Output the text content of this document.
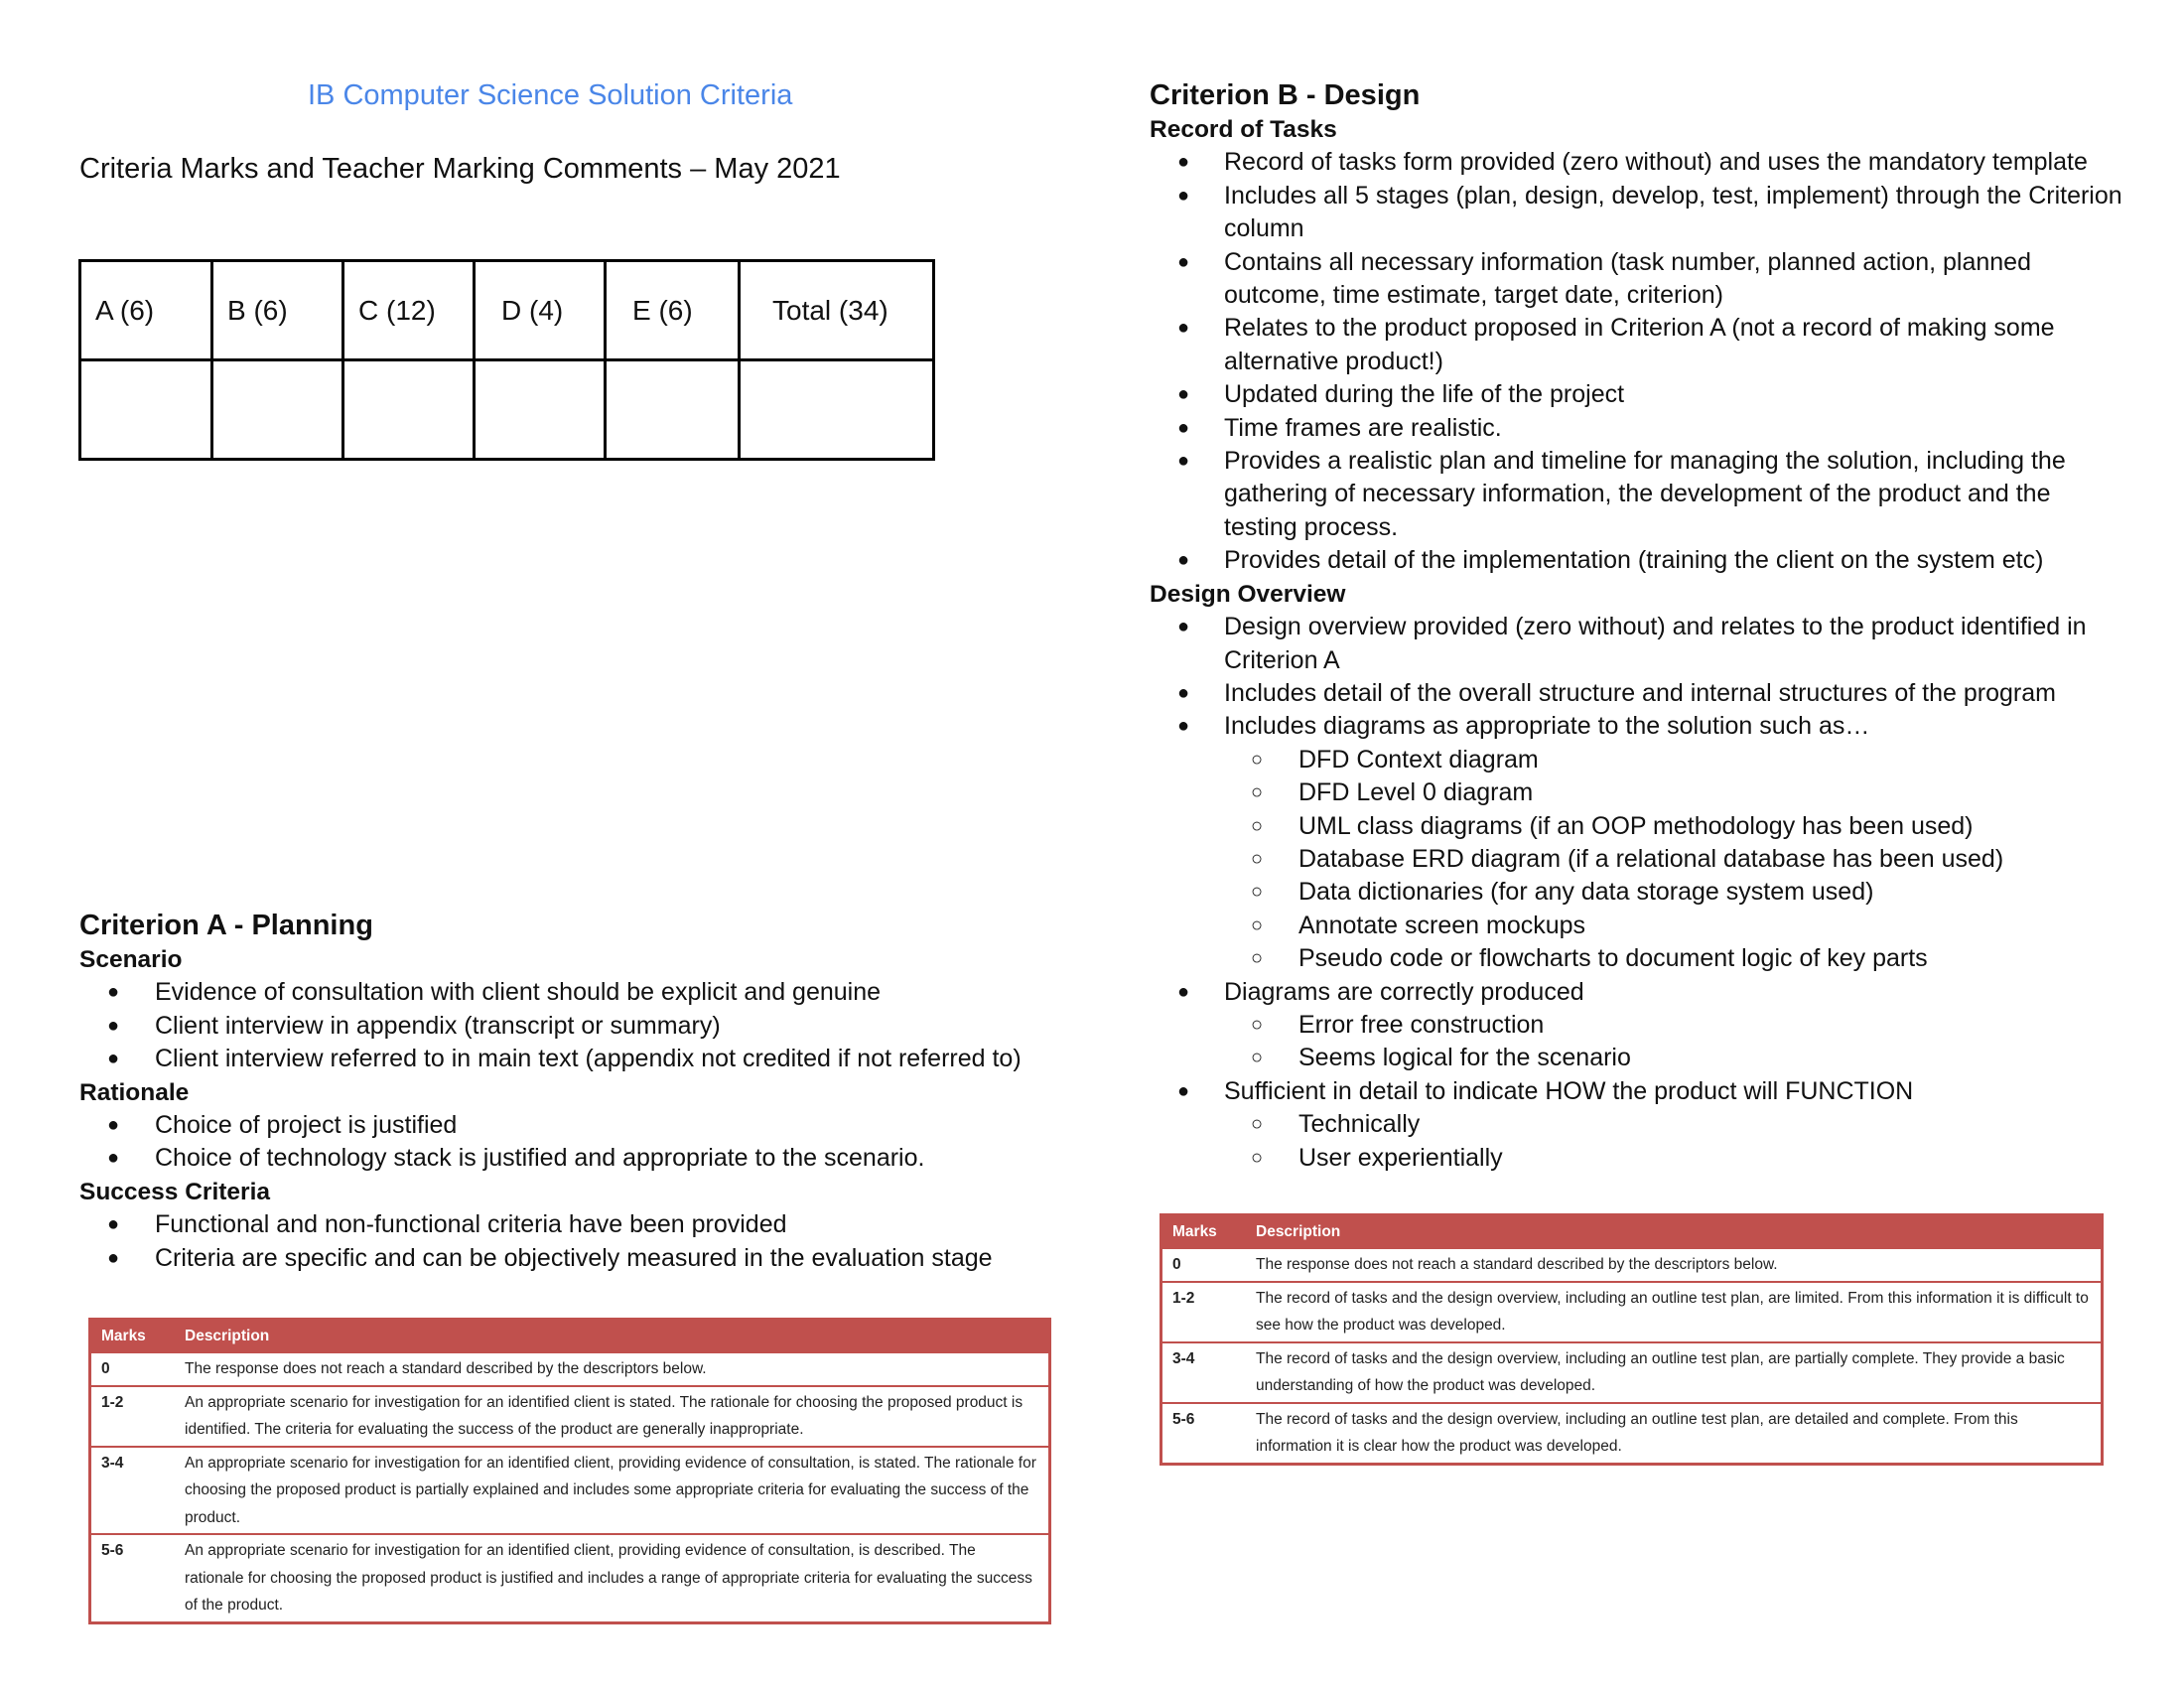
IB Computer Science Solution Criteria
Criteria Marks and Teacher Marking Comments – May 2021
A (6)	B (6)	C (12)	D (4)	E (6)	Total (34)

Criterion A - Planning
Scenario
● Evidence of consultation with client should be explicit and genuine
● Client interview in appendix (transcript or summary)
● Client interview referred to in main text (appendix not credited if not referred to)
Rationale
● Choice of project is justified
● Choice of technology stack is justified and appropriate to the scenario.
Success Criteria
● Functional and non-functional criteria have been provided
● Criteria are specific and can be objectively measured in the evaluation stage
Marks	Description
0	The response does not reach a standard described by the descriptors below.
1-2	An appropriate scenario for investigation for an identified client is stated. The rationale for choosing the proposed product is identified. The criteria for evaluating the success of the product are generally inappropriate.
3-4	An appropriate scenario for investigation for an identified client, providing evidence of consultation, is stated. The rationale for choosing the proposed product is partially explained and includes some appropriate criteria for evaluating the success of the product.
5-6	An appropriate scenario for investigation for an identified client, providing evidence of consultation, is described. The rationale for choosing the proposed product is justified and includes a range of appropriate criteria for evaluating the success of the product.
Criterion B - Design
Record of Tasks
● Record of tasks form provided (zero without) and uses the mandatory template
● Includes all 5 stages (plan, design, develop, test, implement) through the Criterion column
● Contains all necessary information (task number, planned action, planned outcome, time estimate, target date, criterion)
● Relates to the product proposed in Criterion A (not a record of making some alternative product!)
● Updated during the life of the project
● Time frames are realistic.
● Provides a realistic plan and timeline for managing the solution, including the gathering of necessary information, the development of the product and the testing process.
● Provides detail of the implementation (training the client on the system etc)
Design Overview
● Design overview provided (zero without) and relates to the product identified in Criterion A
● Includes detail of the overall structure and internal structures of the program
● Includes diagrams as appropriate to the solution such as…
○ DFD Context diagram
○ DFD Level 0 diagram
○ UML class diagrams (if an OOP methodology has been used)
○ Database ERD diagram (if a relational database has been used)
○ Data dictionaries (for any data storage system used)
○ Annotate screen mockups
○ Pseudo code or flowcharts to document logic of key parts
● Diagrams are correctly produced
○ Error free construction
○ Seems logical for the scenario
● Sufficient in detail to indicate HOW the product will FUNCTION
○ Technically
○ User experientially
Marks	Description
0	The response does not reach a standard described by the descriptors below.
1-2	The record of tasks and the design overview, including an outline test plan, are limited. From this information it is difficult to see how the product was developed.
3-4	The record of tasks and the design overview, including an outline test plan, are partially complete. They provide a basic understanding of how the product was developed.
5-6	The record of tasks and the design overview, including an outline test plan, are detailed and complete. From this information it is clear how the product was developed.
